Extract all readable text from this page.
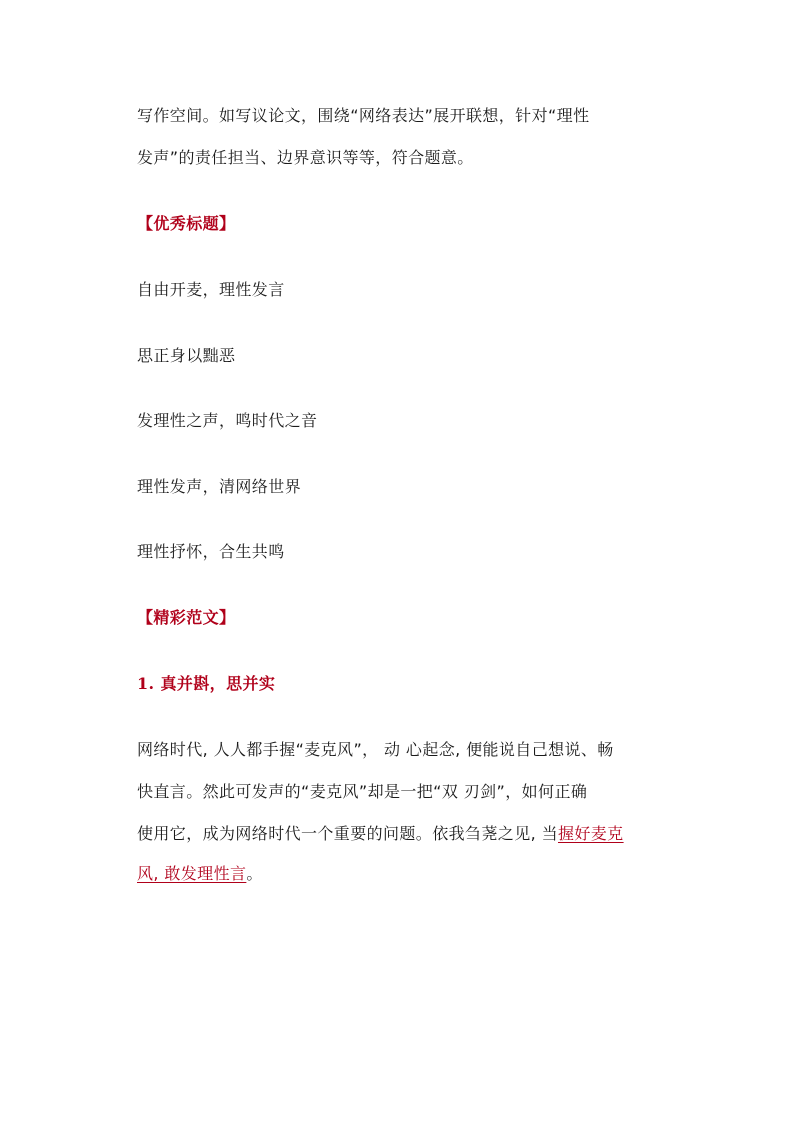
写作空间。如写议论文，围绕“网络表达”展开联想，针对“理性
发声”的责任担当、边界意识等等，符合题意。
【优秀标题】
自由开麦，理性发言
思正身以黜恶
发理性之声，鸣时代之音
理性发声，清网络世界
理性抒怀，合生共鸣
【精彩范文】
1. 真并斟，思并实
网络时代, 人人都手握“麦克风”， 动 心起念, 便能说自己想说、畅
快直言。然此可发声的“麦克风”却是一把“双 刃剑”，如何正确
使用它，成为网络时代一个重要的问题。依我刍荛之见, 当握好麦克
风, 敢发理性言。
